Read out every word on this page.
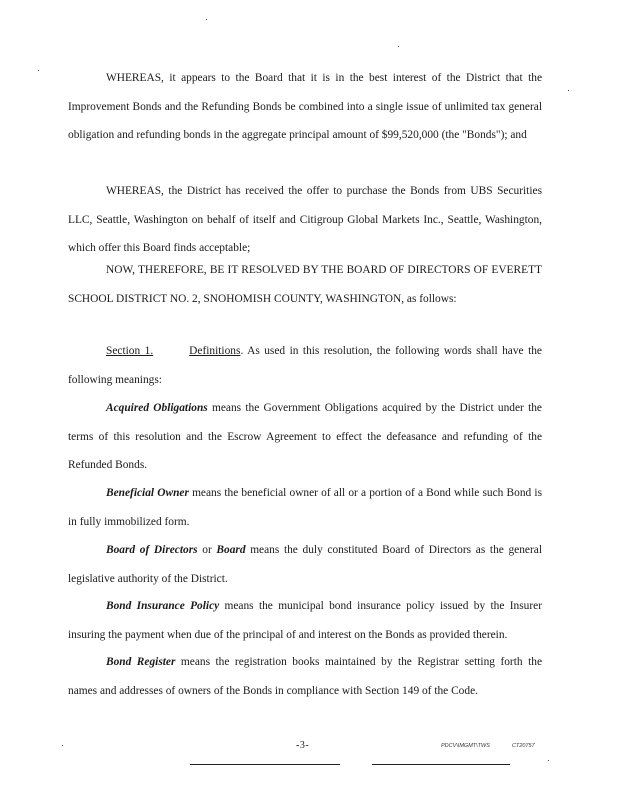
WHEREAS, it appears to the Board that it is in the best interest of the District that the Improvement Bonds and the Refunding Bonds be combined into a single issue of unlimited tax general obligation and refunding bonds in the aggregate principal amount of $99,520,000 (the "Bonds"); and

WHEREAS, the District has received the offer to purchase the Bonds from UBS Securities LLC, Seattle, Washington on behalf of itself and Citigroup Global Markets Inc., Seattle, Washington, which offer this Board finds acceptable;

NOW, THEREFORE, BE IT RESOLVED BY THE BOARD OF DIRECTORS OF EVERETT SCHOOL DISTRICT NO. 2, SNOHOMISH COUNTY, WASHINGTON, as follows:

Section 1.	Definitions. As used in this resolution, the following words shall have the following meanings:

Acquired Obligations means the Government Obligations acquired by the District under the terms of this resolution and the Escrow Agreement to effect the defeasance and refunding of the Refunded Bonds.

Beneficial Owner means the beneficial owner of all or a portion of a Bond while such Bond is in fully immobilized form.

Board of Directors or Board means the duly constituted Board of Directors as the general legislative authority of the District.

Bond Insurance Policy means the municipal bond insurance policy issued by the Insurer insuring the payment when due of the principal of and interest on the Bonds as provided therein.

Bond Register means the registration books maintained by the Registrar setting forth the names and addresses of owners of the Bonds in compliance with Section 149 of the Code.

-3-	PDCV\IMGMT\TWS	CT20757
